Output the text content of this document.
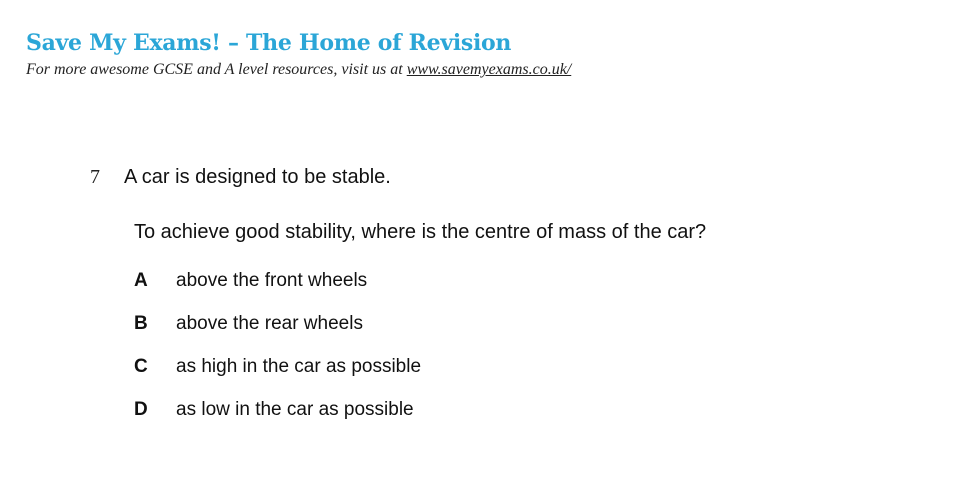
Save My Exams! – The Home of Revision
For more awesome GCSE and A level resources, visit us at www.savemyexams.co.uk/
7 A car is designed to be stable.
To achieve good stability, where is the centre of mass of the car?
A	above the front wheels
B	above the rear wheels
C	as high in the car as possible
D	as low in the car as possible
